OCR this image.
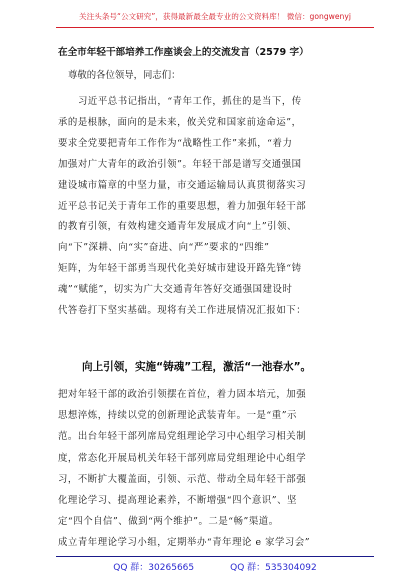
关注头条号“公文研究”，获得最新最全最专业的公文资料库！ 微信：gongwenyj
在全市年轻干部培养工作座谈会上的交流发言（2579 字）
尊敬的各位领导，同志们：
习近平总书记指出，“青年工作，抓住的是当下，传
承的是根脉，面向的是未来，攸关党和国家前途命运”，
要求全党要把青年工作作为“战略性工作”来抓，“着力
加强对广大青年的政治引领”。年轻干部是谱写交通强国
建设城市篇章的中坚力量，市交通运输局认真贯彻落实习
近平总书记关于青年工作的重要思想，着力加强年轻干部
的教育引领，有效构建交通青年发展成才向“上”引领、
向“下”深耕、向“实”奋进、向“严”要求的“四维”
矩阵，为年轻干部勇当现代化美好城市建设开路先锋“铸
魂”“赋能”，切实为广大交通青年答好交通强国建设时
代答卷打下坚实基础。现将有关工作进展情况汇报如下：
向上引领，实施“铸魂”工程，激活“一池春水”。
把对年轻干部的政治引领摆在首位，着力固本培元，加强
思想淬炼，持续以党的创新理论武装青年。一是“重”示
范。出台年轻干部列席局党组理论学习中心组学习相关制
度，常态化开展局机关年轻干部列席局党组理论中心组学
习，不断扩大覆盖面，引领、示范、带动全局年轻干部强
化理论学习、提高理论素养，不断增强“四个意识”、坚
定“四个自信”、做到“两个维护”。二是“畅”渠道。
成立青年理论学习小组，定期举办“青年理论 e 家学习会”
QQ 群：30265665	QQ 群：535304092
